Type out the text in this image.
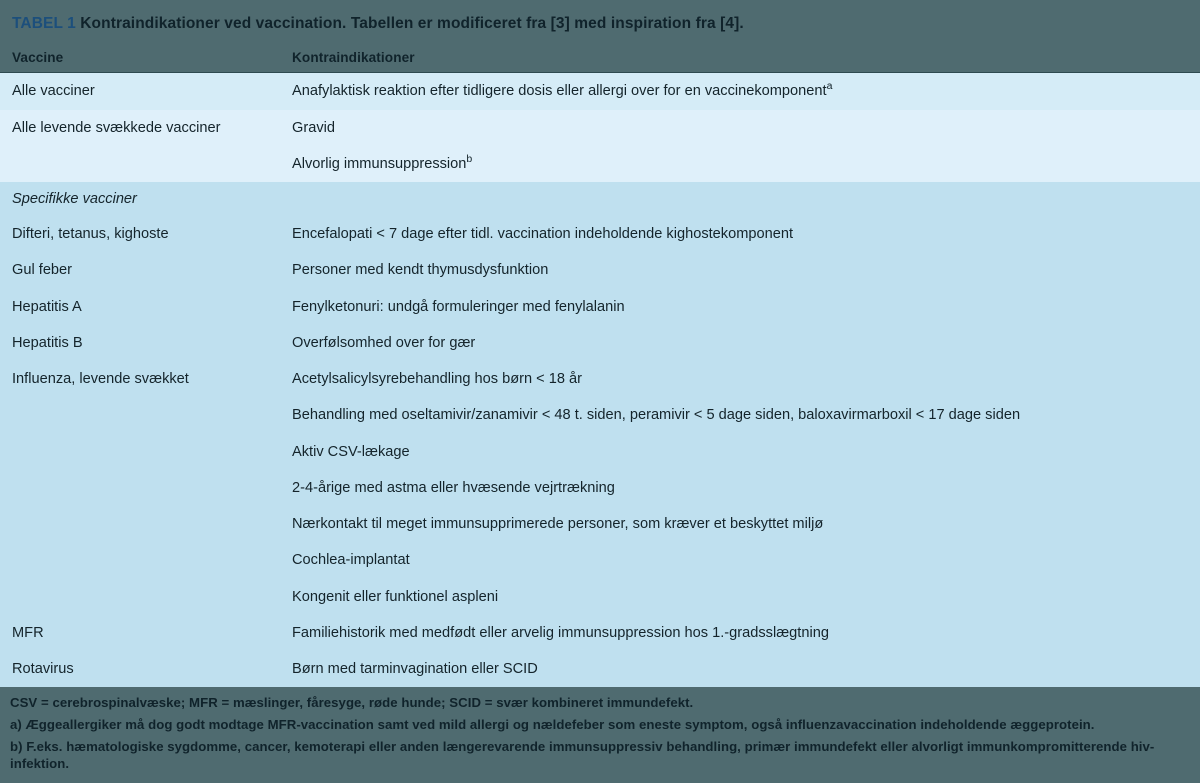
TABEL 1 Kontraindikationer ved vaccination. Tabellen er modificeret fra [3] med inspiration fra [4].
Vaccine	Kontraindikationer
Alle vacciner	Anafylaktisk reaktion efter tidligere dosis eller allergi over for en vaccinekomponent$^a$
Alle levende svækkede vacciner	Gravid
	Alvorlig immunsuppression$^b$
Specifikke vacciner	
Difteri, tetanus, kighoste	Encefalopati < 7 dage efter tidl. vaccination indeholdende kighostekomponent
Gul feber	Personer med kendt thymusdysfunktion
Hepatitis A	Fenylketonuri: undgå formuleringer med fenylalanin
Hepatitis B	Overfølsomhed over for gær
Influenza, levende svækket	Acetylsalicylsyrebehandling hos børn < 18 år
	Behandling med oseltamivir/zanamivir < 48 t. siden, peramivir < 5 dage siden, baloxavirmarboxil < 17 dage siden
	Aktiv CSV-lækage
	2-4-årige med astma eller hvæsende vejrtrækning
	Nærkontakt til meget immunsupprimerede personer, som kræver et beskyttet miljø
	Cochlea-implantat
	Kongenit eller funktionel aspleni
MFR	Familiehistorik med medfødt eller arvelig immunsuppression hos 1.-gradsslægtning
Rotavirus	Børn med tarminvagination eller SCID

CSV = cerebrospinalvæske; MFR = mæslinger, fåresyge, røde hunde; SCID = svær kombineret immundefekt.

a) Æggeallergiker må dog godt modtage MFR-vaccination samt ved mild allergi og nældefeber som eneste symptom, også influenzavaccination indeholdende æggeprotein.

b) F.eks. hæmatologiske sygdomme, cancer, kemoterapi eller anden længerevarende immunsuppressiv behandling, primær immundefekt eller alvorligt immunkompromitterende hiv-infektion.
